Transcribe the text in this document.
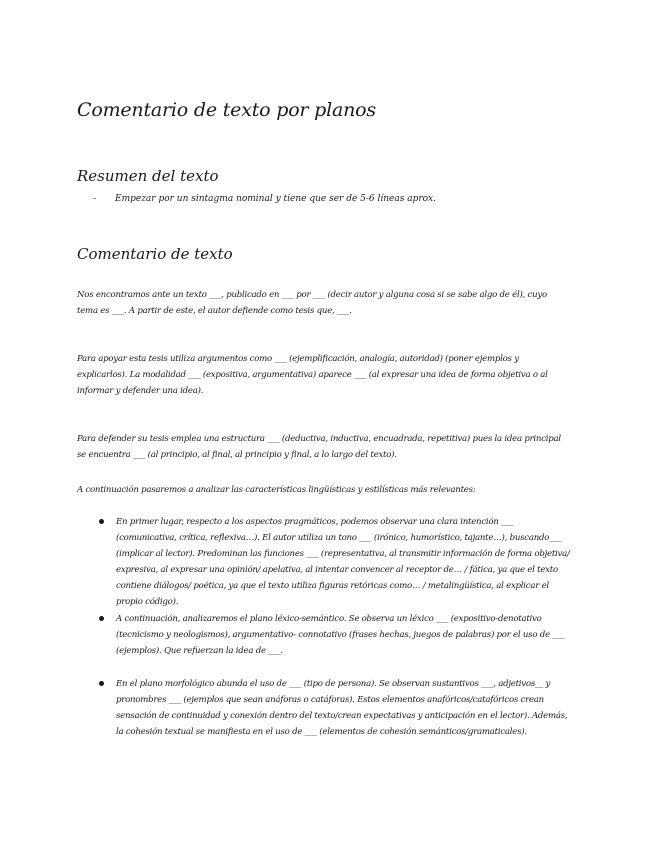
Comentario de texto por planos
Resumen del texto
- Empezar por un sintagma nominal y tiene que ser de 5-6 líneas aprox.
Comentario de texto

Nos encontramos ante un texto ___, publicado en ___ por ___ (decir autor y alguna cosa si se sabe algo de él), cuyo tema es ___. A partir de este, el autor defiende como tesis que, ___.

Para apoyar esta tesis utiliza argumentos como ___ (ejemplificación, analogía, autoridad) (poner ejemplos y explicarlos). La modalidad ___ (expositiva, argumentativa) aparece ___ (al expresar una idea de forma objetiva o al informar y defender una idea).

Para defender su tesis emplea una estructura ___ (deductiva, inductiva, encuadrada, repetitiva) pues la idea principal se encuentra ___ (al principio, al final, al principio y final, a lo largo del texto).

A continuación pasaremos a analizar las características lingüísticas y estilísticas más relevantes:

En primer lugar, respecto a los aspectos pragmáticos, podemos observar una clara intención ___ (comunicativa, crítica, reflexiva…). El autor utiliza un tono ___ (irónico, humorístico, tajante…), buscando___ (implicar al lector). Predominan las funciones ___ (representativa, al transmitir información de forma objetiva/ expresiva, al expresar una opinión/ apelativa, al intentar convencer al receptor de… / fática, ya que el texto contiene diálogos/ poética, ya que el texto utiliza figuras retóricas como… / metalingüística, al explicar el propio código).

A continuación, analizaremos el plano léxico-semántico. Se observa un léxico ___ (expositivo-denotativo (tecnicismo y neologismos), argumentativo- connotativo (frases hechas, juegos de palabras) por el uso de ___ (ejemplos). Que refuerzan la idea de ___.

En el plano morfológico abunda el uso de ___ (tipo de persona). Se observan sustantivos ___, adjetivos__ y pronombres ___ (ejemplos que sean anáforas o catáforas). Estos elementos anafóricos/catafóricos crean sensación de continuidad y conexión dentro del texto/crean expectativas y anticipación en el lector). Además, la cohesión textual se manifiesta en el uso de ___ (elementos de cohesión semánticos/gramaticales).
